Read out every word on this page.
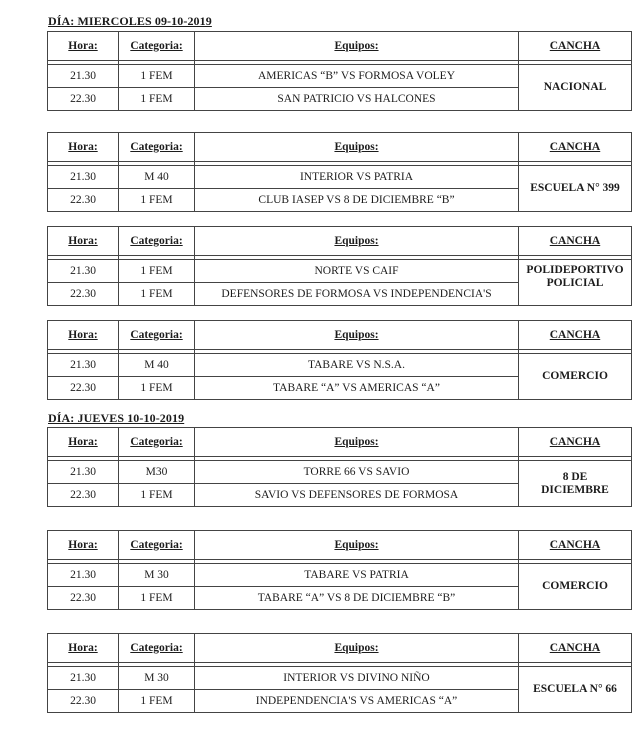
DÍA: MIERCOLES 09-10-2019
Hora:	Categoria:	Equipos:	CANCHA

21.30	1 FEM	AMERICAS “B” VS FORMOSA VOLEY	NACIONAL
22.30	1 FEM	SAN PATRICIO VS HALCONES	
Hora:	Categoria:	Equipos:	CANCHA

21.30	M 40	INTERIOR VS PATRIA	ESCUELA N° 399
22.30	1 FEM	CLUB IASEP VS 8 DE DICIEMBRE “B”	
Hora:	Categoria:	Equipos:	CANCHA

21.30	1 FEM	NORTE VS CAIF	POLIDEPORTIVO POLICIAL
22.30	1 FEM	DEFENSORES DE FORMOSA VS INDEPENDENCIA'S	
Hora:	Categoria:	Equipos:	CANCHA

21.30	M 40	TABARE VS N.S.A.	COMERCIO
22.30	1 FEM	TABARE “A” VS AMERICAS “A”	
Hora:	Categoria:	Equipos:	CANCHA

21.30	M30	TORRE 66 VS SAVIO	8 DE DICIEMBRE
22.30	1 FEM	SAVIO VS DEFENSORES DE FORMOSA	
Hora:	Categoria:	Equipos:	CANCHA

21.30	M 30	TABARE VS PATRIA	COMERCIO
22.30	1 FEM	TABARE “A” VS 8 DE DICIEMBRE “B”	
Hora:	Categoria:	Equipos:	CANCHA

21.30	M 30	INTERIOR VS DIVINO NIÑO	ESCUELA N° 66
22.30	1 FEM	INDEPENDENCIA'S VS AMERICAS “A”	
DÍA: JUEVES 10-10-2019
